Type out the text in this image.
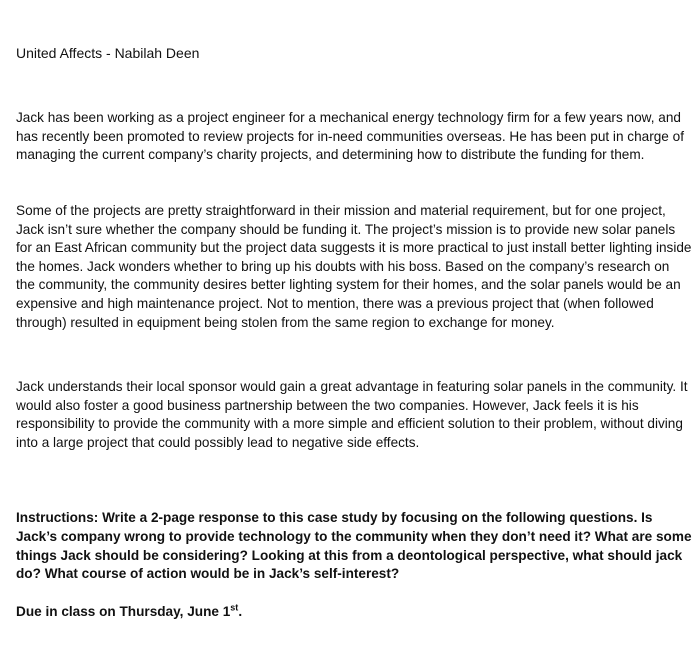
United Affects - Nabilah Deen

Jack has been working as a project engineer for a mechanical energy technology firm for a few years now, and has recently been promoted to review projects for in-need communities overseas. He has been put in charge of managing the current company’s charity projects, and determining how to distribute the funding for them.

Some of the projects are pretty straightforward in their mission and material requirement, but for one project, Jack isn’t sure whether the company should be funding it. The project’s mission is to provide new solar panels for an East African community but the project data suggests it is more practical to just install better lighting inside the homes. Jack wonders whether to bring up his doubts with his boss. Based on the company’s research on the community, the community desires better lighting system for their homes, and the solar panels would be an expensive and high maintenance project. Not to mention, there was a previous project that (when followed through) resulted in equipment being stolen from the same region to exchange for money.

Jack understands their local sponsor would gain a great advantage in featuring solar panels in the community. It would also foster a good business partnership between the two companies. However, Jack feels it is his responsibility to provide the community with a more simple and efficient solution to their problem, without diving into a large project that could possibly lead to negative side effects.

Instructions: Write a 2-page response to this case study by focusing on the following questions. Is Jack’s company wrong to provide technology to the community when they don’t need it? What are some things Jack should be considering? Looking at this from a deontological perspective, what should jack do? What course of action would be in Jack’s self-interest?

Due in class on Thursday, June 1st.
